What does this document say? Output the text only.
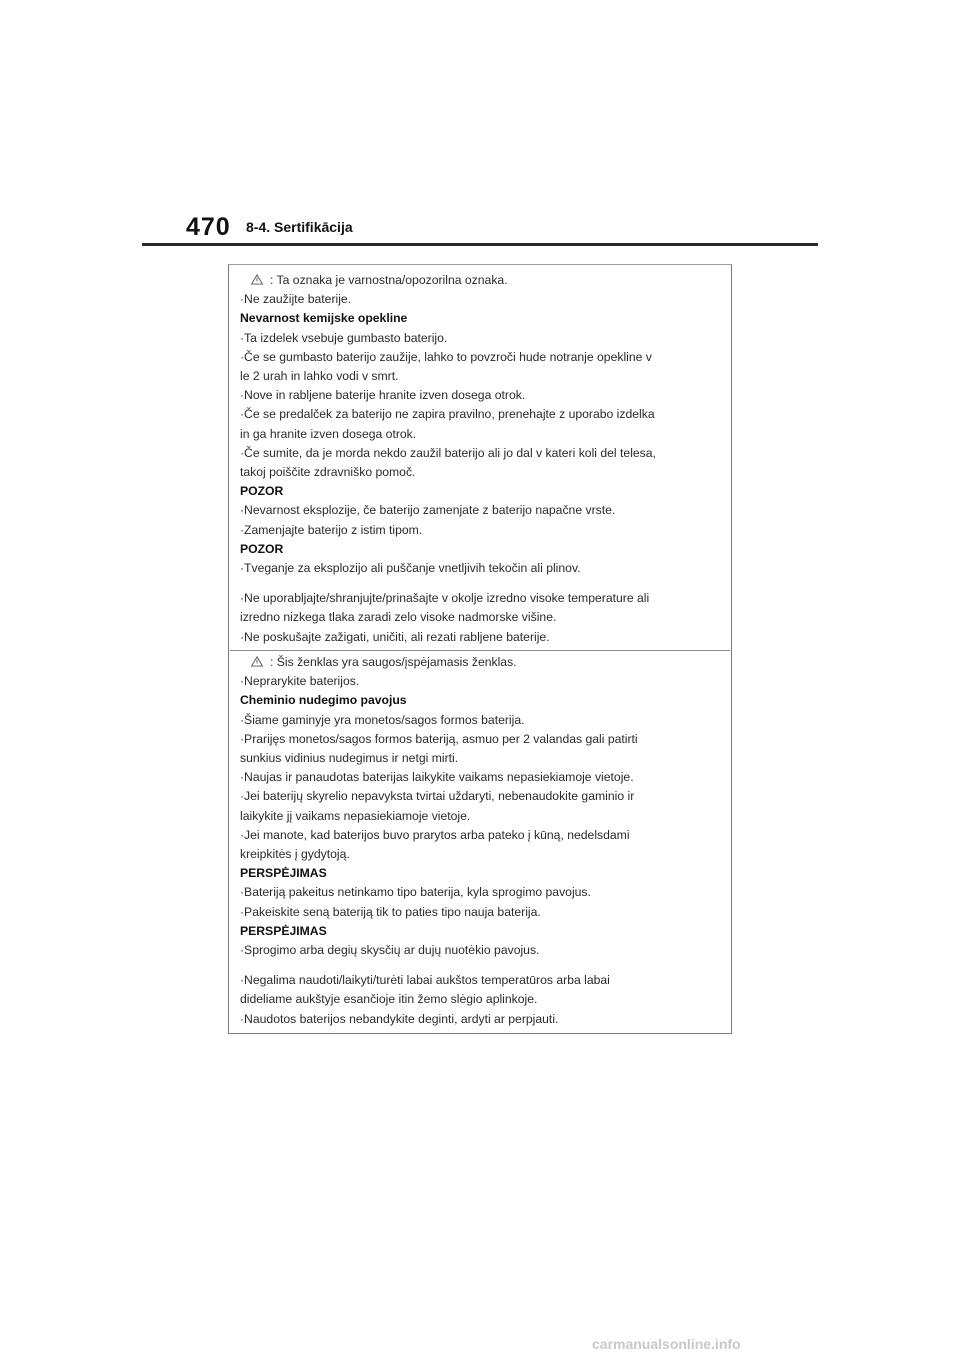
470 8-4. Sertifikācija

: Ta oznaka je varnostna/opozorilna oznaka.

·Ne zaužijte baterije.

Nevarnost kemijske opekline

·Ta izdelek vsebuje gumbasto baterijo.

·Če se gumbasto baterijo zaužije, lahko to povzroči hude notranje opekline v

le 2 urah in lahko vodi v smrt.

·Nove in rabljene baterije hranite izven dosega otrok.

·Če se predalček za baterijo ne zapira pravilno, prenehajte z uporabo izdelka

in ga hranite izven dosega otrok.

·Če sumite, da je morda nekdo zaužil baterijo ali jo dal v kateri koli del telesa,

takoj poiščite zdravniško pomoč.

POZOR

·Nevarnost eksplozije, če baterijo zamenjate z baterijo napačne vrste.

·Zamenjajte baterijo z istim tipom.

POZOR

·Tveganje za eksplozijo ali puščanje vnetljivih tekočin ali plinov.

·Ne uporabljajte/shranjujte/prinašajte v okolje izredno visoke temperature ali

izredno nizkega tlaka zaradi zelo visoke nadmorske višine.

·Ne poskušajte zažigati, uničiti, ali rezati rabljene baterije.

: Šis ženklas yra saugos/įspėjamasis ženklas.

·Neprarykite baterijos.

Cheminio nudegimo pavojus

·Šiame gaminyje yra monetos/sagos formos baterija.

·Prarijęs monetos/sagos formos bateriją, asmuo per 2 valandas gali patirti

sunkius vidinius nudegimus ir netgi mirti.

·Naujas ir panaudotas baterijas laikykite vaikams nepasiekiamoje vietoje.

·Jei baterijų skyrelio nepavyksta tvirtai uždaryti, nebenaudokite gaminio ir

laikykite jį vaikams nepasiekiamoje vietoje.

·Jei manote, kad baterijos buvo prarytos arba pateko į kūną, nedelsdami

kreipkitės į gydytoją.

PERSPĖJIMAS

·Bateriją pakeitus netinkamo tipo baterija, kyla sprogimo pavojus.

·Pakeiskite seną bateriją tik to paties tipo nauja baterija.

PERSPĖJIMAS

·Sprogimo arba degių skysčių ar dujų nuotėkio pavojus.

·Negalima naudoti/laikyti/turėti labai aukštos temperatūros arba labai

dideliame aukštyje esančioje itin žemo slėgio aplinkoje.

·Naudotos baterijos nebandykite deginti, ardyti ar perpjauti.

carmanualsonline.info
